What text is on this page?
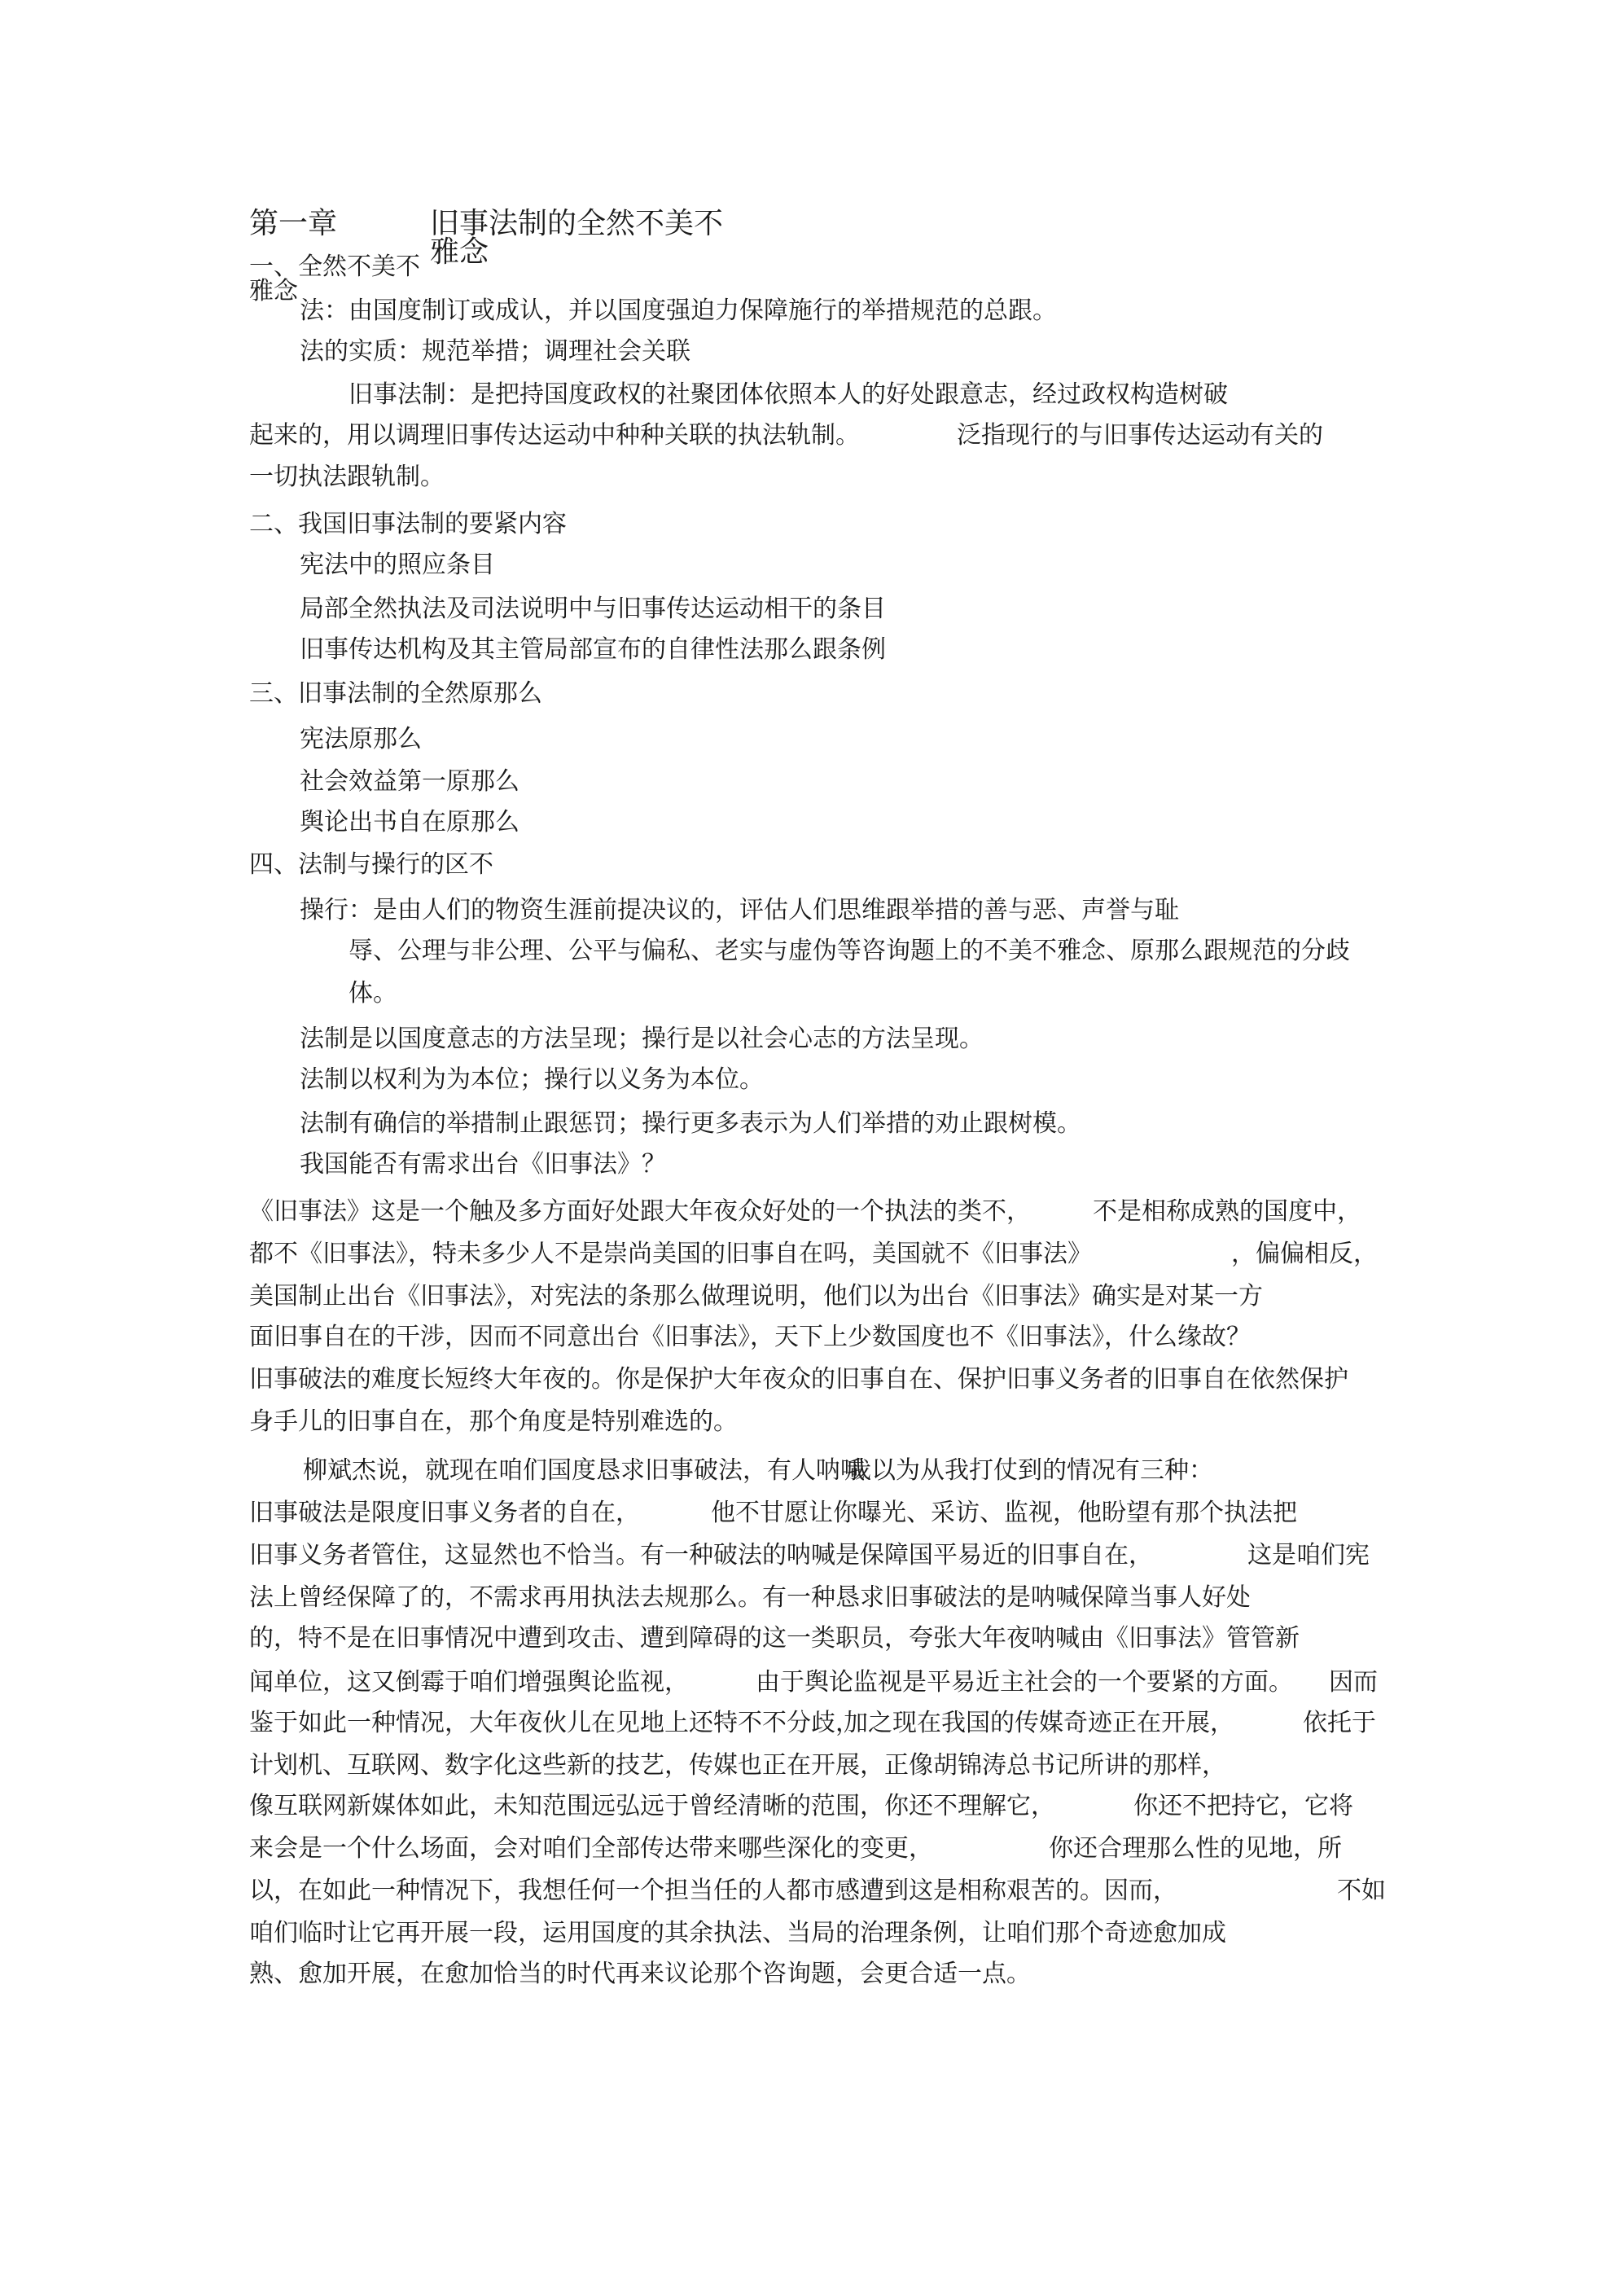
第一章	旧事法制的全然不美不
雅念
一、全然不美不
雅念
法：由国度制订或成认，并以国度强迫力保障施行的举措规范的总跟。
法的实质：规范举措；调理社会关联
旧事法制：是把持国度政权的社聚团体依照本人的好处跟意志，经过政权构造树破
起来的，用以调理旧事传达运动中种种关联的执法轨制。	泛指现行的与旧事传达运动有关的
一切执法跟轨制。
二、我国旧事法制的要紧内容
宪法中的照应条目
局部全然执法及司法说明中与旧事传达运动相干的条目
旧事传达机构及其主管局部宣布的自律性法那么跟条例
三、旧事法制的全然原那么
宪法原那么
社会效益第一原那么
舆论出书自在原那么
四、法制与操行的区不
操行：是由人们的物资生涯前提决议的，评估人们思维跟举措的善与恶、声誉与耻
辱、公理与非公理、公平与偏私、老实与虚伪等咨询题上的不美不雅念、原那么跟规范的分歧
体。
法制是以国度意志的方法呈现；操行是以社会心志的方法呈现。
法制以权利为为本位；操行以义务为本位。
法制有确信的举措制止跟惩罚；操行更多表示为人们举措的劝止跟树模。
我国能否有需求出台《旧事法》？
《旧事法》这是一个触及多方面好处跟大年夜众好处的一个执法的类不，	不是相称成熟的国度中，
都不《旧事法》，特未多少人不是崇尚美国的旧事自在吗，美国就不《旧事法》	，偏偏相反，
美国制止出台《旧事法》，对宪法的条那么做理说明，他们以为出台《旧事法》确实是对某一方
面旧事自在的干涉，因而不同意出台《旧事法》，天下上少数国度也不《旧事法》，什么缘故？
旧事破法的难度长短终大年夜的。你是保护大年夜众的旧事自在、保护旧事义务者的旧事自在依然保护
身手儿的旧事自在，那个角度是特别难选的。
柳斌杰说，就现在咱们国度恳求旧事破法，有人呐喊
我以为从我打仗到的情况有三种：
旧事破法是限度旧事义务者的自在，	他不甘愿让你曝光、采访、监视，他盼望有那个执法把
旧事义务者管住，这显然也不恰当。有一种破法的呐喊是保障国平易近的旧事自在，	这是咱们宪
法上曾经保障了的，不需求再用执法去规那么。有一种恳求旧事破法的是呐喊保障当事人好处
的，特不是在旧事情况中遭到攻击、遭到障碍的这一类职员，夸张大年夜呐喊由《旧事法》管管新
闻单位，这又倒霉于咱们增强舆论监视，	由于舆论监视是平易近主社会的一个要紧的方面。 因而
鉴于如此一种情况，大年夜伙儿在见地上还特不不分歧，
加之现在我国的传媒奇迹正在开展，	依托于
计划机、互联网、数字化这些新的技艺，传媒也正在开展，正像胡锦涛总书记所讲的那样，
像互联网新媒体如此，未知范围远弘远于曾经清晰的范围，你还不理解它，	你还不把持它，它将
来会是一个什么场面，会对咱们全部传达带来哪些深化的变更，	你还合理那么性的见地，所
以，在如此一种情况下，我想任何一个担当任的人都市感遭到这是相称艰苦的。因而，	不如
咱们临时让它再开展一段，运用国度的其余执法、当局的治理条例，让咱们那个奇迹愈加成
熟、愈加开展，在愈加恰当的时代再来议论那个咨询题，会更合适一点。
